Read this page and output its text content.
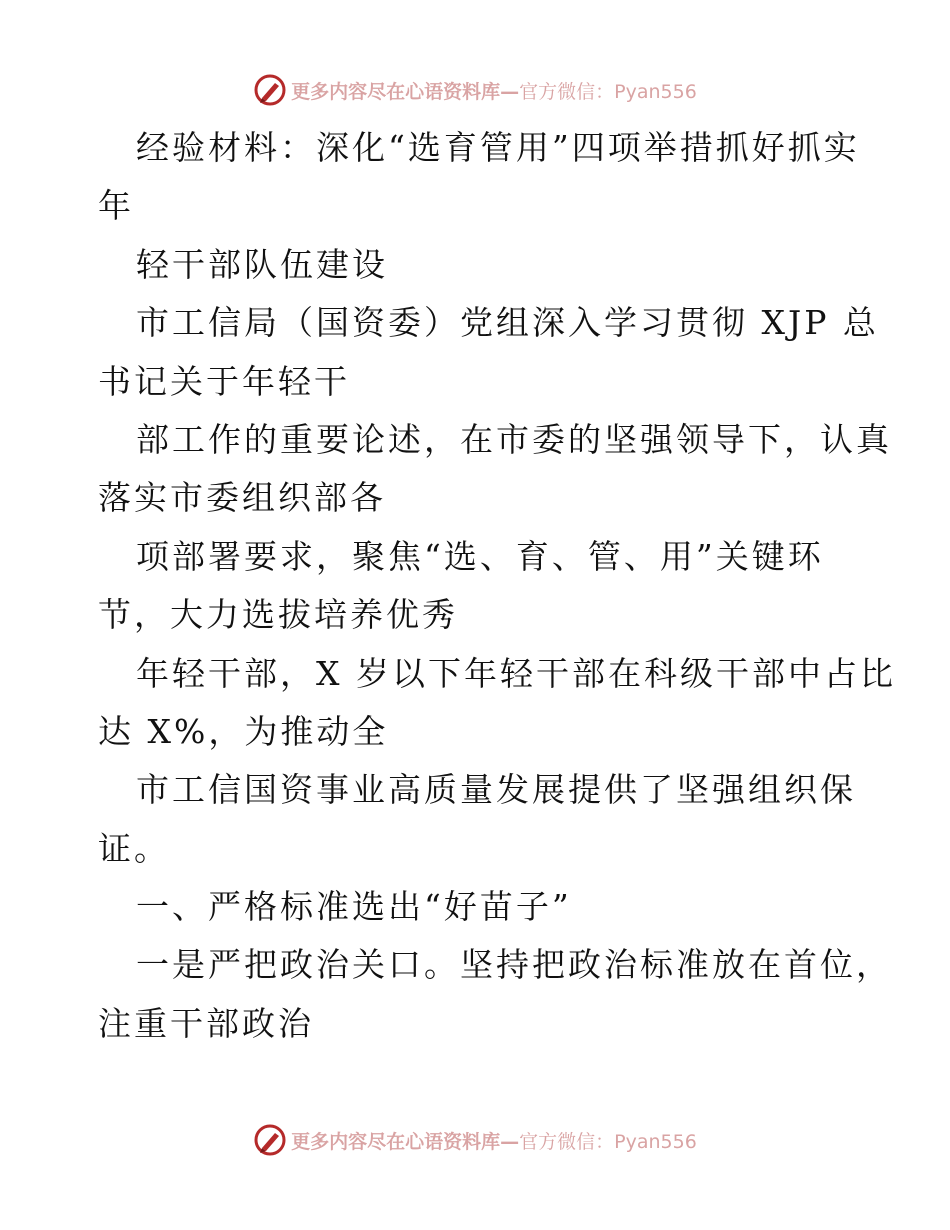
更多内容尽在心语资料库—官方微信：Pyan556
经验材料：深化“选育管用”四项举措抓好抓实
年
轻干部队伍建设
市工信局（国资委）党组深入学习贯彻 XJP 总
书记关于年轻干
部工作的重要论述，在市委的坚强领导下，认真
落实市委组织部各
项部署要求，聚焦“选、育、管、用”关键环
节，大力选拔培养优秀
年轻干部，X 岁以下年轻干部在科级干部中占比
达 X%，为推动全
市工信国资事业高质量发展提供了坚强组织保
证。
一、严格标准选出“好苗子”
一是严把政治关口。坚持把政治标准放在首位，
注重干部政治
更多内容尽在心语资料库—官方微信：Pyan556
